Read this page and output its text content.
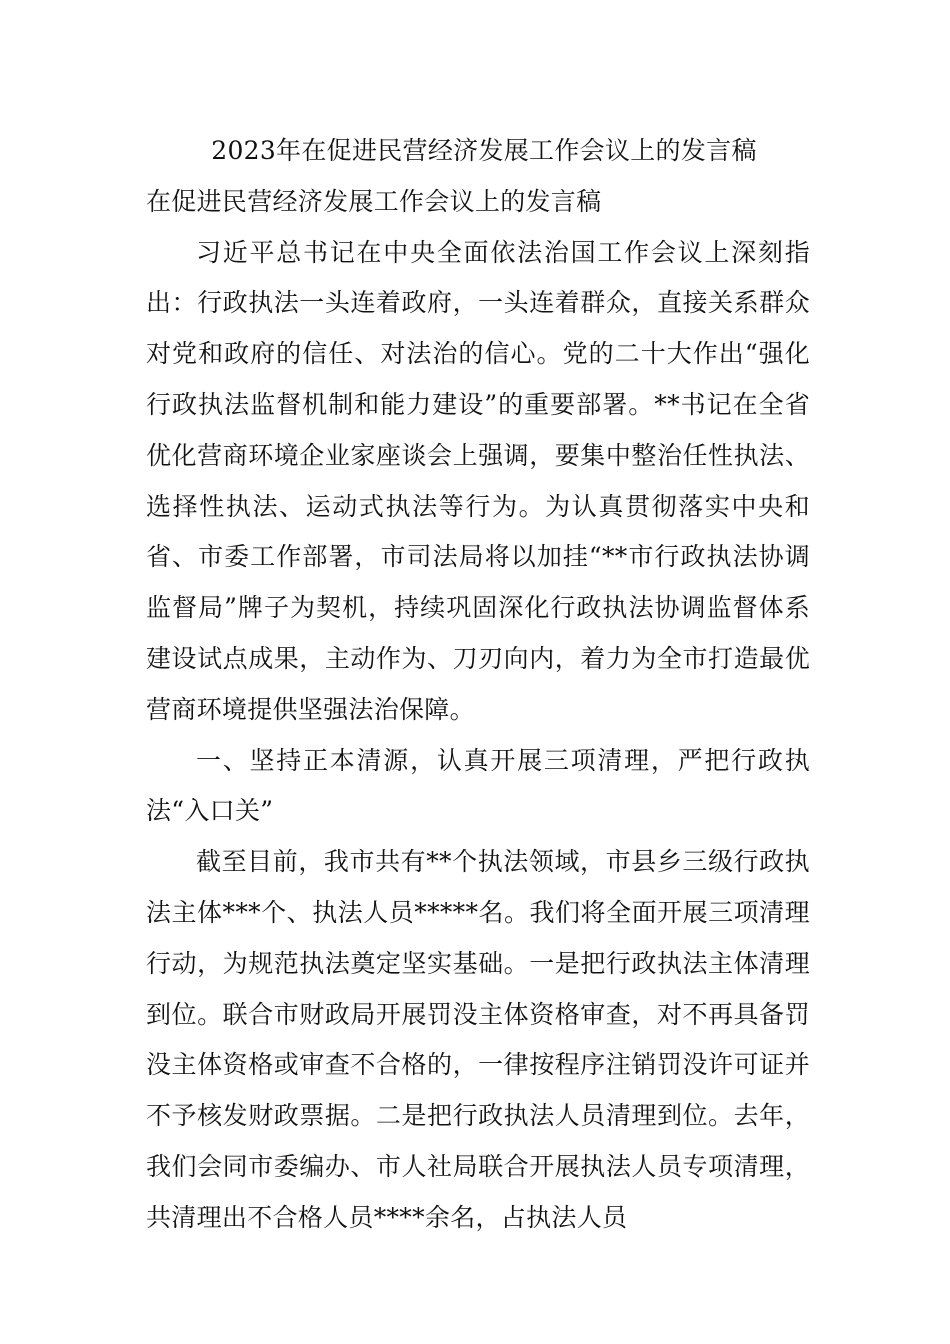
2023年在促进民营经济发展工作会议上的发言稿
在促进民营经济发展工作会议上的发言稿

习近平总书记在中央全面依法治国工作会议上深刻指出：行政执法一头连着政府，一头连着群众，直接关系群众对党和政府的信任、对法治的信心。党的二十大作出“强化行政执法监督机制和能力建设”的重要部署。**书记在全省优化营商环境企业家座谈会上强调，要集中整治任性执法、选择性执法、运动式执法等行为。为认真贯彻落实中央和省、市委工作部署，市司法局将以加挂“**市行政执法协调监督局”牌子为契机，持续巩固深化行政执法协调监督体系建设试点成果，主动作为、刀刃向内，着力为全市打造最优营商环境提供坚强法治保障。

一、坚持正本清源，认真开展三项清理，严把行政执法“入口关”

截至目前，我市共有**个执法领域，市县乡三级行政执法主体***个、执法人员*****名。我们将全面开展三项清理行动，为规范执法奠定坚实基础。一是把行政执法主体清理到位。联合市财政局开展罚没主体资格审查，对不再具备罚没主体资格或审查不合格的，一律按程序注销罚没许可证并不予核发财政票据。二是把行政执法人员清理到位。去年，我们会同市委编办、市人社局联合开展执法人员专项清理，共清理出不合格人员****余名，占执法人员
